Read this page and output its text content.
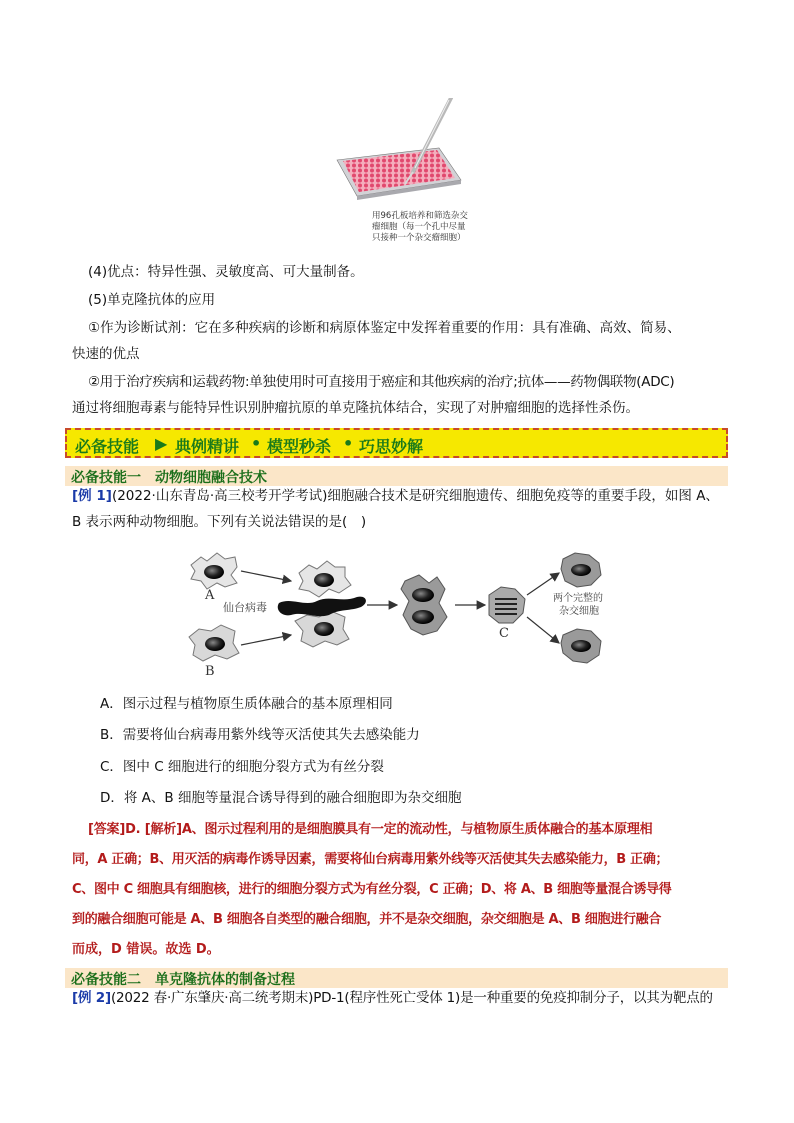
用96孔板培养和筛选杂交瘤细胞（每一个孔中尽量只接种一个杂交瘤细胞）
(4)优点：特异性强、灵敏度高、可大量制备。
(5)单克隆抗体的应用
①作为诊断试剂：它在多种疾病的诊断和病原体鉴定中发挥着重要的作用：具有准确、高效、简易、
快速的优点
②用于治疗疾病和运载药物:单独使用时可直接用于癌症和其他疾病的治疗;抗体——药物偶联物(ADC)
通过将细胞毒素与能特异性识别肿瘤抗原的单克隆抗体结合，实现了对肿瘤细胞的选择性杀伤。
必备技能 ▶ 典例精讲 • 模型秒杀 • 巧思妙解
必备技能一　动物细胞融合技术
[例 1](2022·山东青岛·高三校考开学考试)细胞融合技术是研究细胞遗传、细胞免疫等的重要手段，如图 A、
B 表示两种动物细胞。下列有关说法错误的是(　)
A
B
仙台病毒
C
两个完整的
杂交细胞
A．图示过程与植物原生质体融合的基本原理相同
B．需要将仙台病毒用紫外线等灭活使其失去感染能力
C．图中 C 细胞进行的细胞分裂方式为有丝分裂
D．将 A、B 细胞等量混合诱导得到的融合细胞即为杂交细胞
[答案]D. [解析]A、图示过程利用的是细胞膜具有一定的流动性，与植物原生质体融合的基本原理相
同，A 正确；B、用灭活的病毒作诱导因素，需要将仙台病毒用紫外线等灭活使其失去感染能力，B 正确；
C、图中 C 细胞具有细胞核，进行的细胞分裂方式为有丝分裂，C 正确；D、将 A、B 细胞等量混合诱导得
到的融合细胞可能是 A、B 细胞各自类型的融合细胞，并不是杂交细胞，杂交细胞是 A、B 细胞进行融合
而成，D 错误。故选 D。
必备技能二　单克隆抗体的制备过程
[例 2](2022 春·广东肇庆·高二统考期末)PD-1(程序性死亡受体 1)是一种重要的免疫抑制分子，以其为靶点的
